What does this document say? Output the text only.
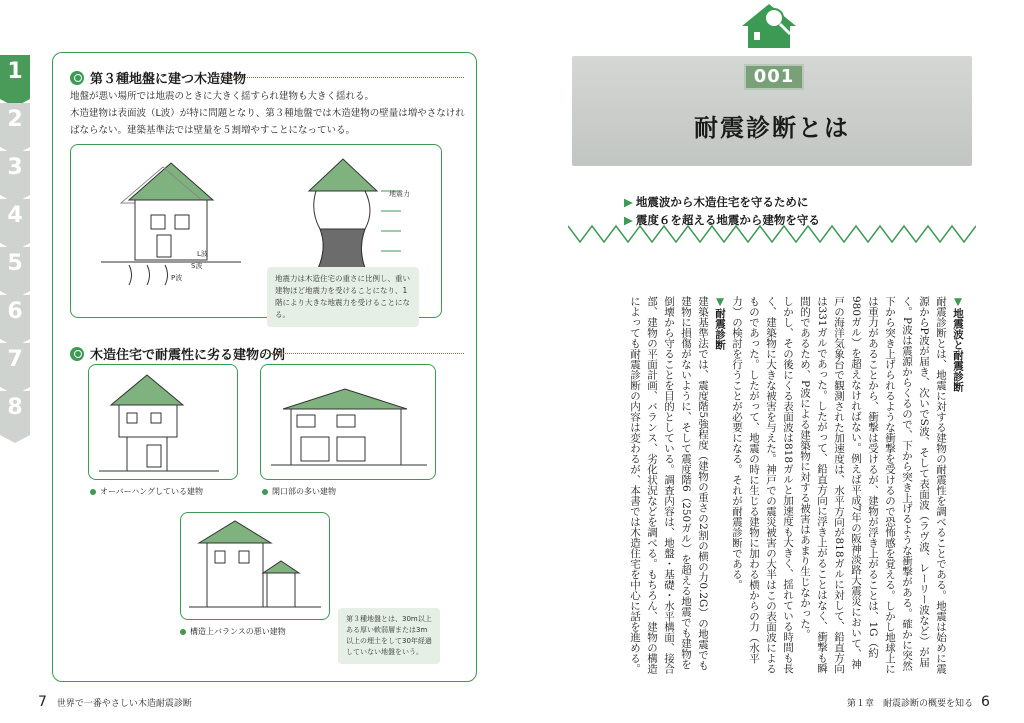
1
2
3
4
5
6
7
8
第３種地盤に建つ木造建物
地盤が悪い場所では地震のときに大きく揺すられ建物も大きく揺れる。
木造建物は表面波（L波）が特に問題となり、第３種地盤では木造建物の壁量は増やさなけれ
ばならない。建築基準法では壁量を５割増やすことになっている。
L波
P波
S波
地震力
地震力は木造住宅の重さに比例し、重い建物ほど地震力を受けることになり、1階により大きな地震力を受けることになる。
木造住宅で耐震性に劣る建物の例
オーバーハングしている建物	開口部の多い建物
構造上バランスの悪い建物
第３種地盤とは、30m以上ある厚い軟弱層または3m以上の埋土をして30年経過していない地盤をいう。
7 世界で一番やさしい木造耐震診断
001
耐震診断とは
▶ 地震波から木造住宅を守るために
▶ 震度６を超える地震から建物を守る

▼地震波と耐震診断

耐震診断とは、地震に対する建物の耐震性を調べることである。地震は始めに震源からP波が届き、次いでS波、そして表面波（ラヴ波、レーリー波など）が届く。P波は震源からくるので、下から突き上げるような衝撃がある。確かに突然下から突き上げられるような衝撃を受けるので恐怖感を覚える。しかし地球上には重力があることから、衝撃は受けるが、建物が浮き上がることは、1G（約980ガル）を超えなければない。例えば平成7年の阪神淡路大震災において、神戸の海洋気象台で観測された加速度は、水平方向が818ガルに対して、鉛直方向は331ガルであった。したがって、鉛直方向に浮き上がることはなく、衝撃も瞬間的であるため、P波による建築物に対する被害はあまり生じなかった。

しかし、その後にくる表面波は818ガルと加速度も大きく、揺れている時間も長く、建築物に大きな被害を与えた。神戸での震災被害の大半はこの表面波によるものであった。したがって、地震の時に生じる建物に加わる横からの力（水平力）の検討を行うことが必要になる。それが耐震診断である。

▼耐震診断

建築基準法では、震度階5強程度（建物の重さの2割の横の力0.2G）の地震でも建物に損傷がないように、そして震度階6（250ガル）を超える地震でも建物を倒壊から守ることを目的としている。調査内容は、地盤・基礎・水平構面、接合部、建物の平面計画、バランス、劣化状況などを調べる。もちろん、建物の構造によっても耐震診断の内容は変わるが、本書では木造住宅を中心に話を進める。

第１章　耐震診断の概要を知る 6
